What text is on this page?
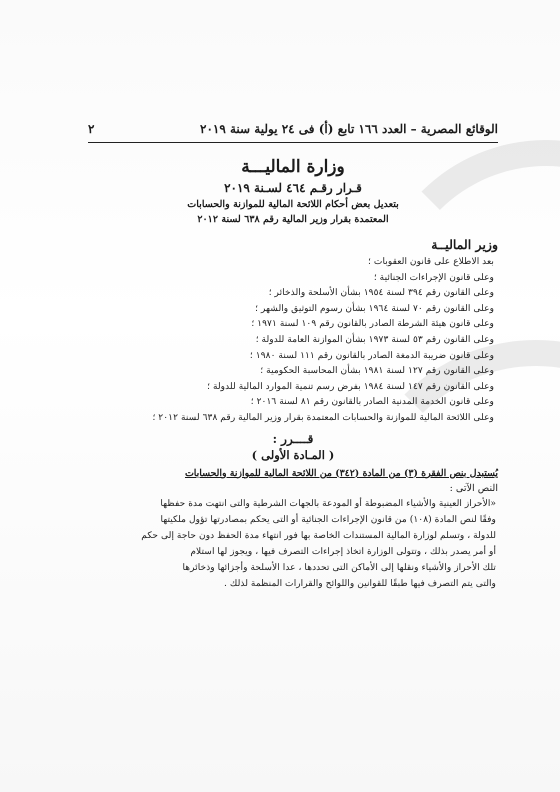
الوقائع المصرية – العدد ١٦٦ تابع (أ) فى ٢٤ يولية سنة ٢٠١٩
٢
وزارة الماليـــة
قـرار رقـم ٤٦٤ لسـنة ٢٠١٩
بتعديل بعض أحكام اللائحة المالية للموازنة والحسابات
المعتمدة بقرار وزير المالية رقم ٦٣٨ لسنة ٢٠١٢
وزير الماليــة
بعد الاطلاع على قانون العقوبات ؛
وعلى قانون الإجراءات الجنائية ؛
وعلى القانون رقم ٣٩٤ لسنة ١٩٥٤ بشأن الأسلحة والذخائر ؛
وعلى القانون رقم ٧٠ لسنة ١٩٦٤ بشأن رسوم التوثيق والشهر ؛
وعلى قانون هيئة الشرطة الصادر بالقانون رقم ١٠٩ لسنة ١٩٧١ ؛
وعلى القانون رقم ٥٣ لسنة ١٩٧٣ بشأن الموازنة العامة للدولة ؛
وعلى قانون ضريبة الدمغة الصادر بالقانون رقم ١١١ لسنة ١٩٨٠ ؛
وعلى القانون رقم ١٢٧ لسنة ١٩٨١ بشأن المحاسبة الحكومية ؛
وعلى القانون رقم ١٤٧ لسنة ١٩٨٤ بفرض رسم تنمية الموارد المالية للدولة ؛
وعلى قانون الخدمة المدنية الصادر بالقانون رقم ٨١ لسنة ٢٠١٦ ؛
وعلى اللائحة المالية للموازنة والحسابات المعتمدة بقرار وزير المالية رقم ٦٣٨ لسنة ٢٠١٢ ؛
قــــرر :
( المـادة الأولى )
يُستبدل بنص الفقرة (٣) من المادة (٣٤٢) من اللائحة المالية للموازنة والحسابات
النص الآتى :
«الأحراز العينية والأشياء المضبوطة أو المودعة بالجهات الشرطية والتى انتهت مدة حفظها
وفقًا لنص المادة (١٠٨) من قانون الإجراءات الجنائية أو التى يحكم بمصادرتها تؤول ملكيتها
للدولة ، وتسلم لوزارة المالية المستندات الخاصة بها فور انتهاء مدة الحفظ دون حاجة إلى حكم
أو أمر يصدر بذلك ، وتتولى الوزارة اتخاذ إجراءات التصرف فيها ، ويجوز لها استلام
تلك الأحراز والأشياء ونقلها إلى الأماكن التى تحددها ، عدا الأسلحة وأجزائها وذخائرها
والتى يتم التصرف فيها طبقًا للقوانين واللوائح والقرارات المنظمة لذلك .
